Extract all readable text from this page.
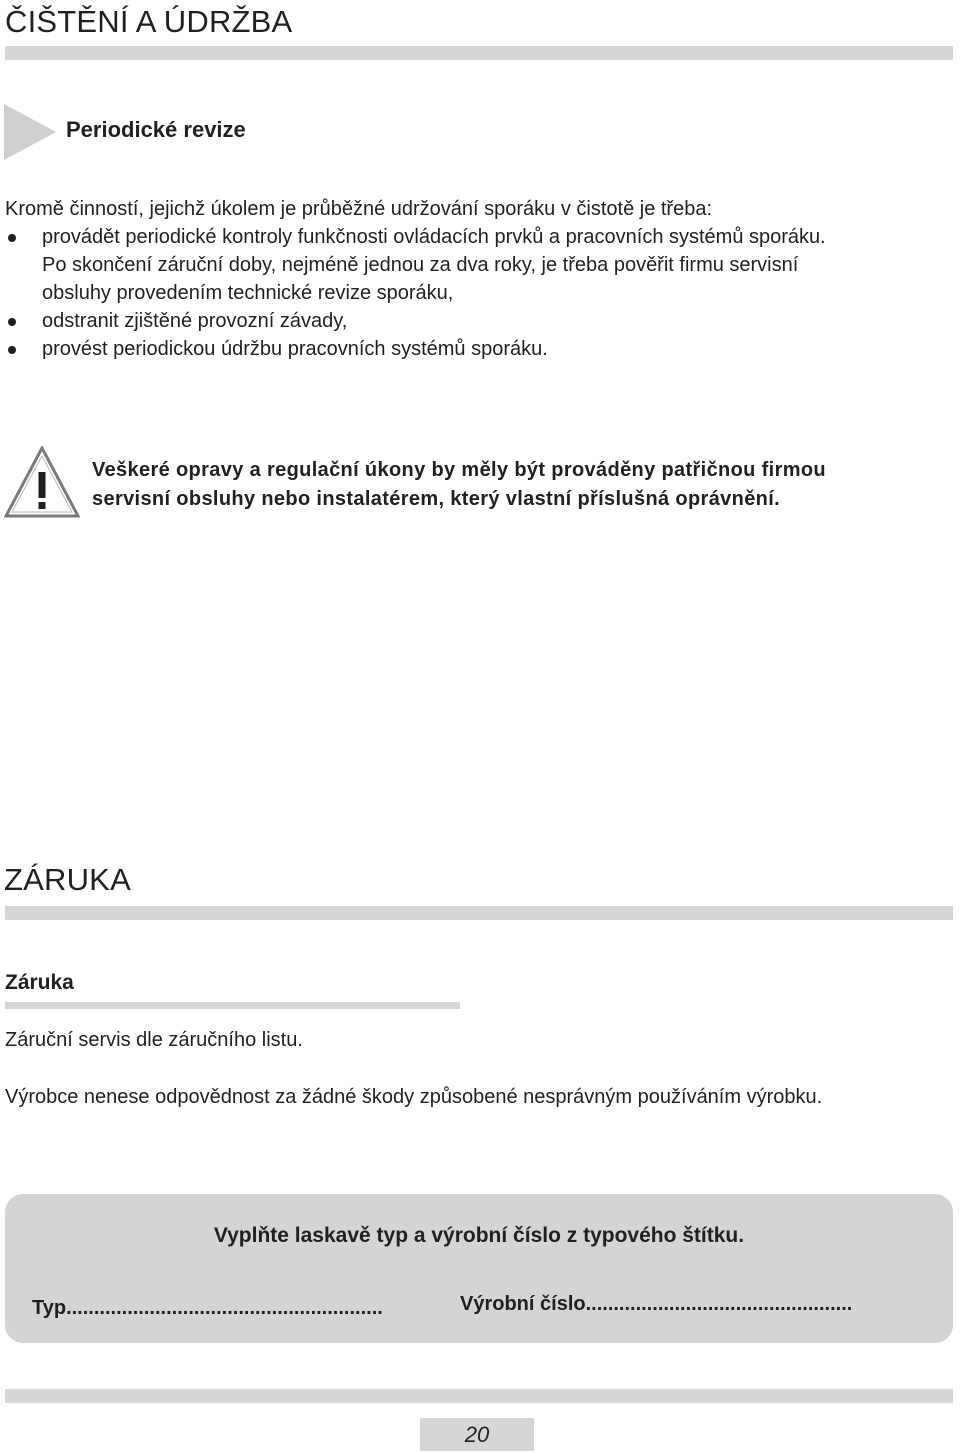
ČIŠTĚNÍ A ÚDRŽBA
Periodické revize
Kromě činností, jejichž úkolem je průběžné udržování sporáku v čistotě je třeba:
provádět periodické kontroly funkčnosti ovládacích prvků a pracovních systémů sporáku.
Po skončení záruční doby, nejméně jednou za dva roky, je třeba pověřit firmu servisní
obsluhy provedením technické revize sporáku,
odstranit zjištěné provozní závady,
provést periodickou údržbu pracovních systémů sporáku.
Veškeré opravy a regulační úkony by měly být prováděny patřičnou firmou
servisní obsluhy nebo instalatérem, který vlastní příslušná oprávnění.
ZÁRUKA
Záruka
Záruční servis dle záručního listu.
Výrobce nenese odpovědnost za žádné škody způsobené nesprávným používáním výrobku.
Vyplňte laskavě typ a výrobní číslo z typového štítku.
Typ.........................................................	Výrobní číslo................................................
20
